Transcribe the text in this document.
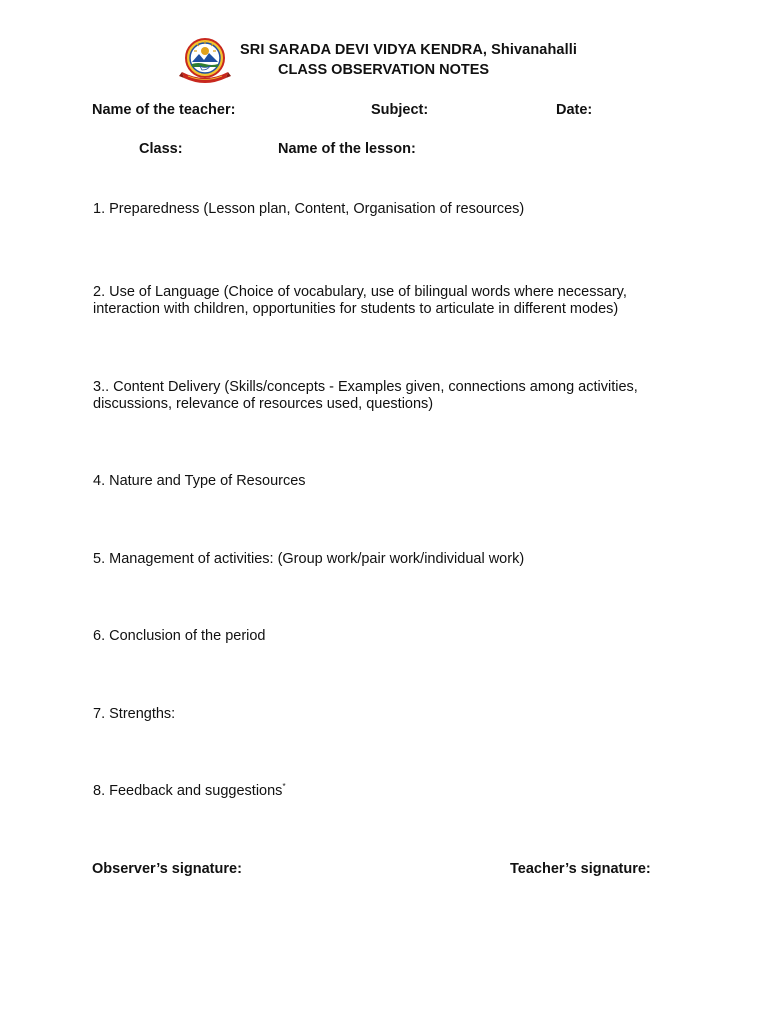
SRI SARADA DEVI VIDYA KENDRA, Shivanahalli
CLASS OBSERVATION NOTES
Name of the teacher:	Subject:	Date:
Class:	Name of the lesson:
1. Preparedness (Lesson plan, Content, Organisation of resources)
2. Use of Language (Choice of vocabulary, use of bilingual words where necessary, interaction with children, opportunities for students to articulate in different modes)
3.. Content Delivery (Skills/concepts - Examples given, connections among activities, discussions, relevance of resources used, questions)
4. Nature and Type of Resources
5. Management of activities: (Group work/pair work/individual work)
6. Conclusion of the period
7. Strengths:
8. Feedback and suggestions*
Observer’s signature:	Teacher’s signature:
